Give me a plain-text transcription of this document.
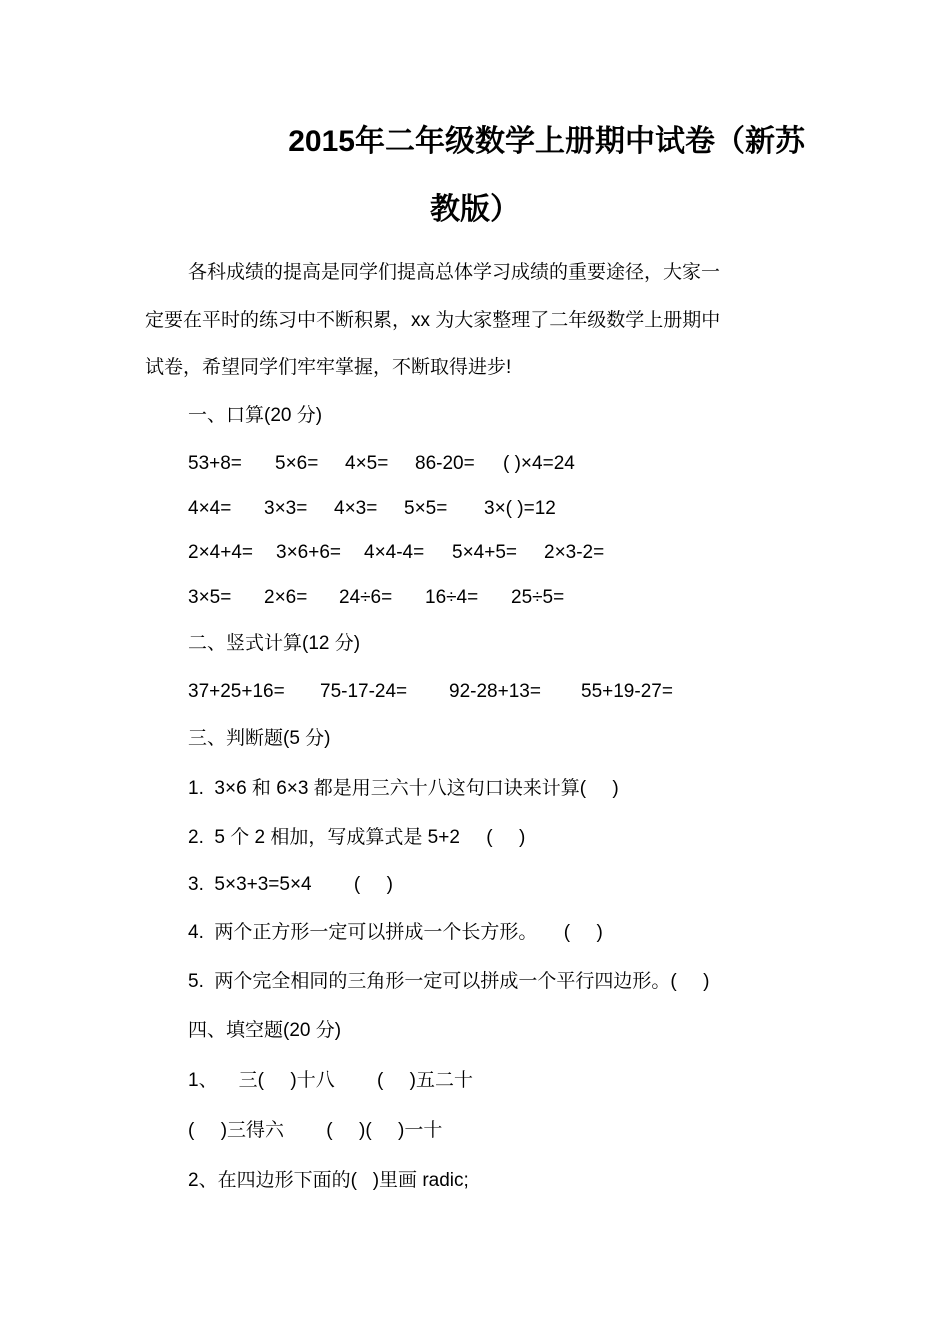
2015年二年级数学上册期中试卷（新苏
教版）
各科成绩的提高是同学们提高总体学习成绩的重要途径，大家一
定要在平时的练习中不断积累，xx 为大家整理了二年级数学上册期中
试卷，希望同学们牢牢掌握，不断取得进步!
一、口算(20 分)
53+8= 5×6= 4×5= 86-20= ( )×4=24
4×4= 3×3= 4×3= 5×5= 3×( )=12
2×4+4= 3×6+6= 4×4-4= 5×4+5= 2×3-2=
3×5= 2×6= 24÷6= 16÷4= 25÷5=
二、竖式计算(12 分)
37+25+16= 75-17-24= 92-28+13= 55+19-27=
三、判断题(5 分)
1.  3×6 和 6×3 都是用三六十八这句口诀来计算(     )
2.  5 个 2 相加，写成算式是 5+2     (     )
3.  5×3+3=5×4        (     )
4.  两个正方形一定可以拼成一个长方形。     (     )
5.  两个完全相同的三角形一定可以拼成一个平行四边形。(     )
四、填空题(20 分)
1、    三(     )十八        (     )五二十
(     )三得六        (     )(     )一十
2、在四边形下面的(   )里画 radic;
